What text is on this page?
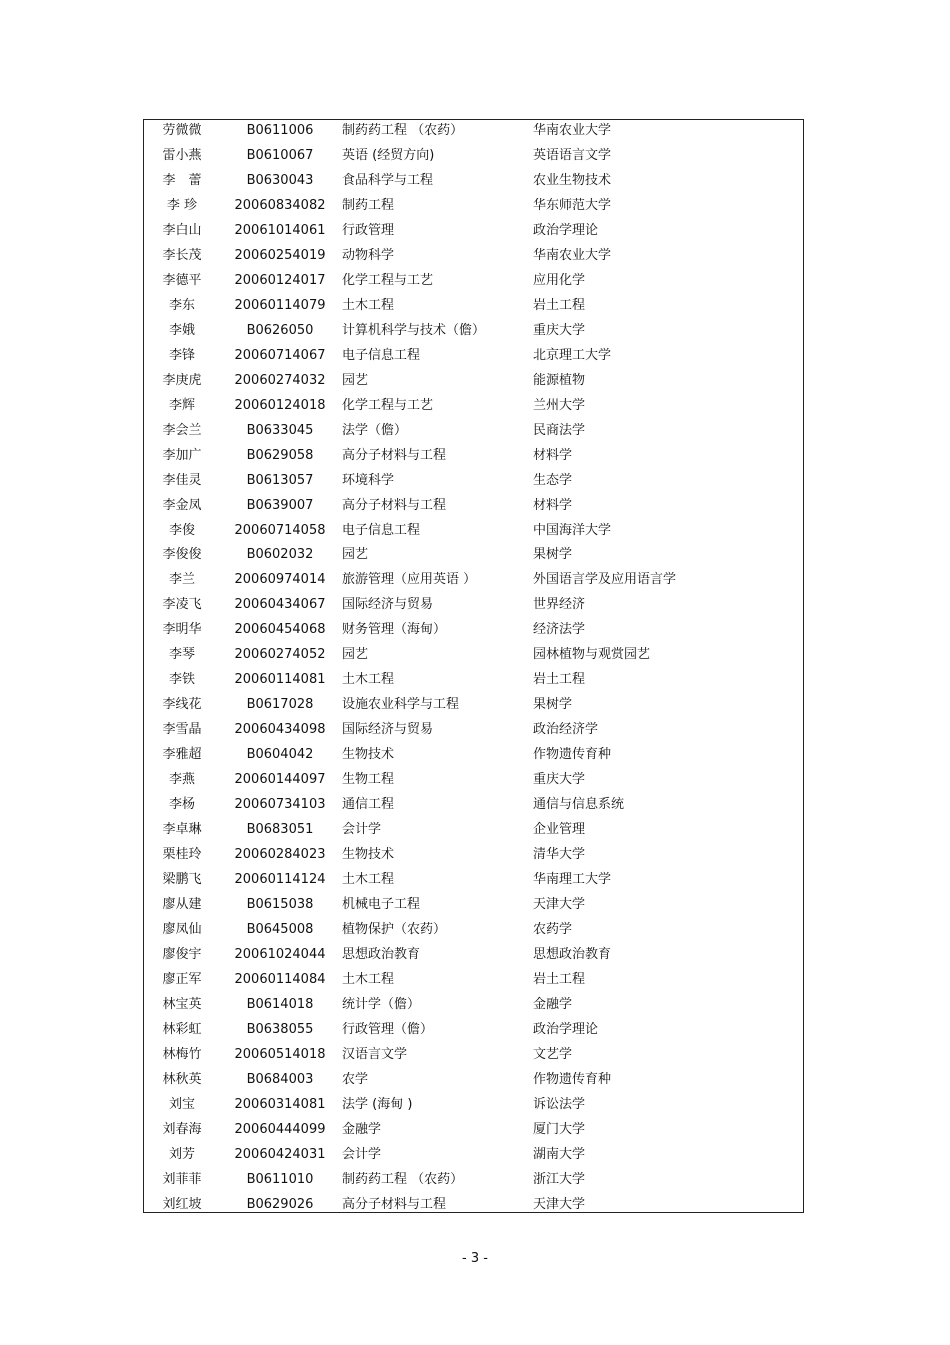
劳微微	B0611006	制药药工程 （农药）	华南农业大学
雷小燕	B0610067	英语 (经贸方向)	英语语言文学
李　蕾	B0630043	食品科学与工程	农业生物技术
李 珍	20060834082 制药工程	华东师范大学
李白山	20061014061 行政管理	政治学理论
李长茂	20060254019 动物科学	华南农业大学
李德平	20060124017 化学工程与工艺	应用化学
李东	20060114079 土木工程	岩土工程
李娥	B0626050	计算机科学与技术（儋）	重庆大学
李锋	20060714067 电子信息工程	北京理工大学
李庚虎	20060274032 园艺	能源植物
李辉	20060124018 化学工程与工艺	兰州大学
李会兰	B0633045	法学（儋）	民商法学
李加广	B0629058	高分子材料与工程	材料学
李佳灵	B0613057	环境科学	生态学
李金凤	B0639007	高分子材料与工程	材料学
李俊	20060714058 电子信息工程	中国海洋大学
李俊俊	B0602032	园艺	果树学
李兰	20060974014 旅游管理（应用英语 ）	外国语言学及应用语言学
李凌飞	20060434067 国际经济与贸易	世界经济
李明华	20060454068 财务管理（海甸）	经济法学
李琴	20060274052 园艺	园林植物与观赏园艺
李铁	20060114081 土木工程	岩土工程
李线花	B0617028	设施农业科学与工程	果树学
李雪晶	20060434098 国际经济与贸易	政治经济学
李雅超	B0604042	生物技术	作物遗传育种
李燕	20060144097 生物工程	重庆大学
李杨	20060734103 通信工程	通信与信息系统
李卓琳	B0683051	会计学	企业管理
栗桂玲	20060284023 生物技术	清华大学
梁鹏飞	20060114124 土木工程	华南理工大学
廖从建	B0615038	机械电子工程	天津大学
廖凤仙	B0645008	植物保护（农药）	农药学
廖俊宇	20061024044 思想政治教育	思想政治教育
廖正军	20060114084 土木工程	岩土工程
林宝英	B0614018	统计学（儋）	金融学
林彩虹	B0638055	行政管理（儋）	政治学理论
林梅竹	20060514018 汉语言文学	文艺学
林秋英	B0684003	农学	作物遗传育种
刘宝	20060314081 法学 (海甸 )	诉讼法学
刘春海	20060444099 金融学	厦门大学
刘芳	20060424031 会计学	湖南大学
刘菲菲	B0611010	制药药工程 （农药）	浙江大学
刘红坡	B0629026	高分子材料与工程	天津大学
- 3 -
